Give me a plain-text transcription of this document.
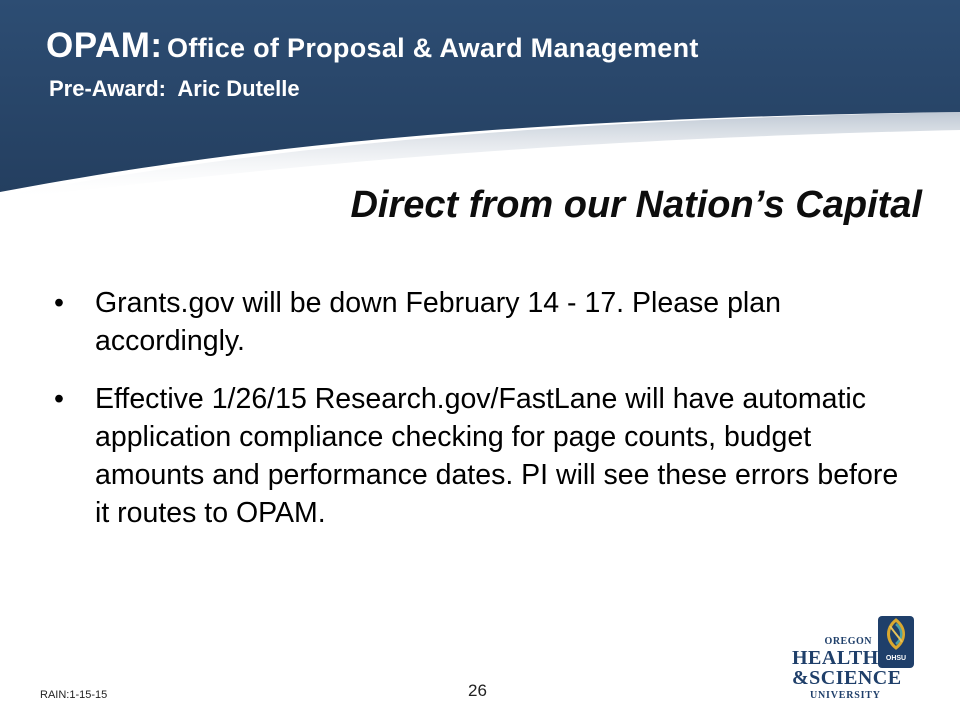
OPAM: Office of Proposal & Award Management
Pre-Award:  Aric Dutelle
Direct from our Nation’s Capital
• Grants.gov will be down February 14 - 17. Please plan accordingly.
• Effective 1/26/15 Research.gov/FastLane will have automatic application compliance checking for page counts, budget amounts and performance dates. PI will see these errors before it routes to OPAM.
RAIN:1-15-15	26
OHSU
OREGON
HEALTH
&SCIENCE
UNIVERSITY
